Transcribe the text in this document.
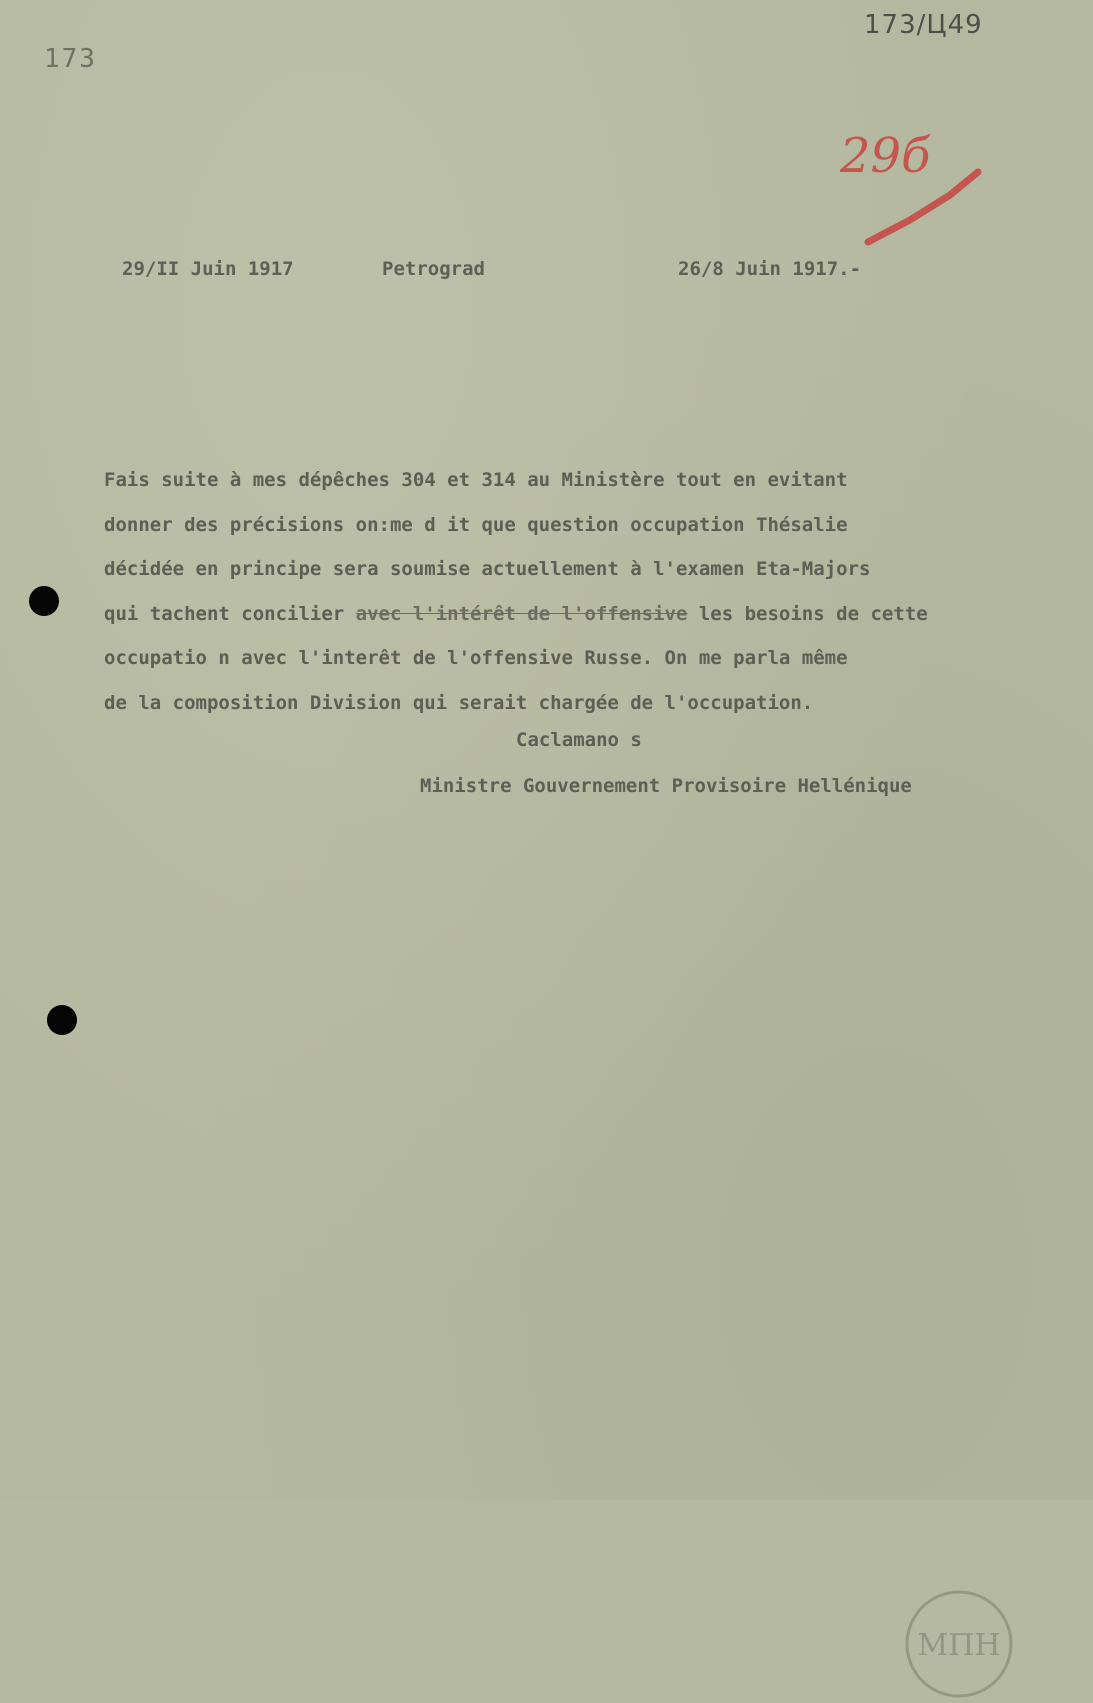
173
173/Ц49
29б
29/II Juin 1917	Petrograd	26/8 Juin 1917.-
Fais suite à mes dépêches 304 et 314 au Ministère tout en evitant
donner des précisions on:me d it que question occupation Thésalie
décidée en principe sera soumise actuellement à l'examen Eta-Majors
qui tachent concilier avec l'intérêt de l'offensive les besoins de cette
occupatio n avec l'interêt de l'offensive Russe. On me parla même
de la composition Division qui serait chargée de l'occupation.
Caclamano s
Ministre Gouvernement Provisoire Hellénique
ΜΠΗ
